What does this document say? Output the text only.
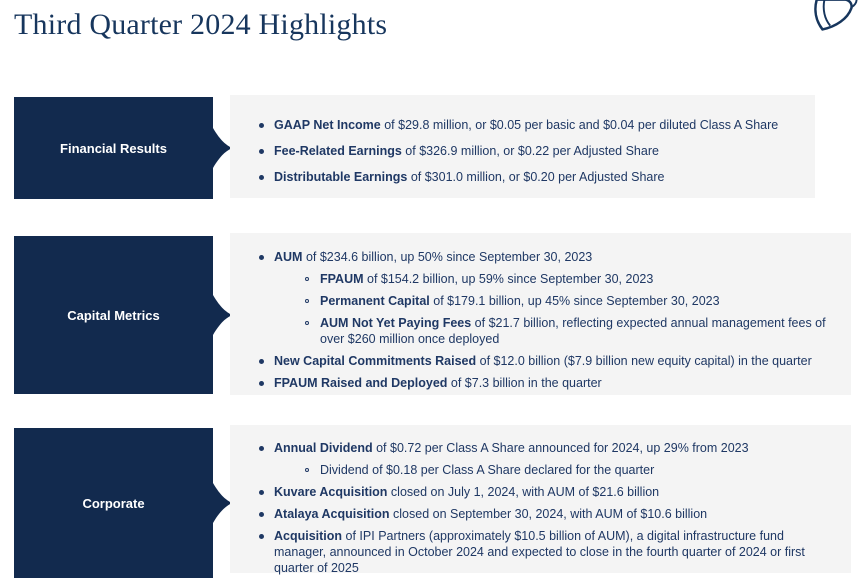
Third Quarter 2024 Highlights
Financial Results
GAAP Net Income of $29.8 million, or $0.05 per basic and $0.04 per diluted Class A Share
Fee-Related Earnings of $326.9 million, or $0.22 per Adjusted Share
Distributable Earnings of $301.0 million, or $0.20 per Adjusted Share
Capital Metrics
AUM of $234.6 billion, up 50% since September 30, 2023
FPAUM of $154.2 billion, up 59% since September 30, 2023
Permanent Capital of $179.1 billion, up 45% since September 30, 2023
AUM Not Yet Paying Fees of $21.7 billion, reflecting expected annual management fees of over $260 million once deployed
New Capital Commitments Raised of $12.0 billion ($7.9 billion new equity capital) in the quarter
FPAUM Raised and Deployed of $7.3 billion in the quarter
Corporate
Annual Dividend of $0.72 per Class A Share announced for 2024, up 29% from 2023
Dividend of $0.18 per Class A Share declared for the quarter
Kuvare Acquisition closed on July 1, 2024, with AUM of $21.6 billion
Atalaya Acquisition closed on September 30, 2024, with AUM of $10.6 billion
Acquisition of IPI Partners (approximately $10.5 billion of AUM), a digital infrastructure fund manager, announced in October 2024 and expected to close in the fourth quarter of 2024 or first quarter of 2025
